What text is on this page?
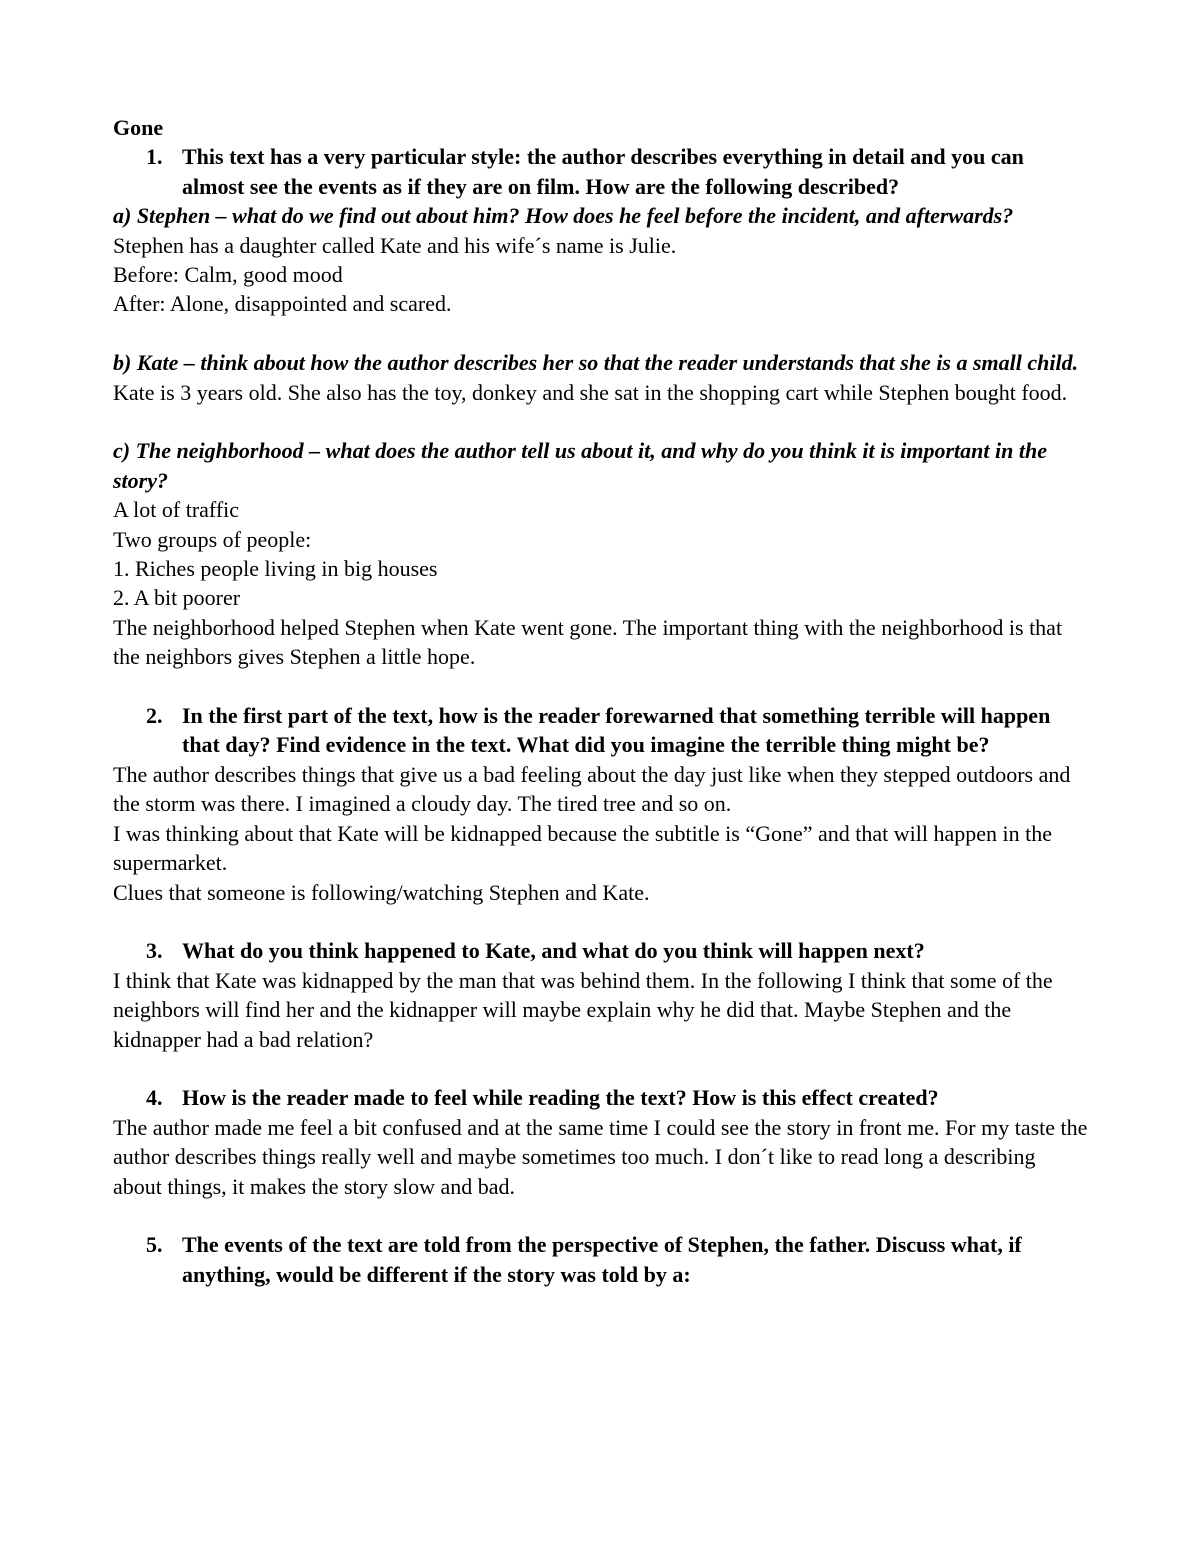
Gone

1. This text has a very particular style: the author describes everything in detail and you can almost see the events as if they are on film. How are the following described?

a) Stephen – what do we find out about him? How does he feel before the incident, and afterwards?

Stephen has a daughter called Kate and his wife´s name is Julie.

Before: Calm, good mood

After: Alone, disappointed and scared.

b) Kate – think about how the author describes her so that the reader understands that she is a small child.

Kate is 3 years old. She also has the toy, donkey and she sat in the shopping cart while Stephen bought food.

c) The neighborhood – what does the author tell us about it, and why do you think it is important in the story?

A lot of traffic

Two groups of people:

1. Riches people living in big houses

2. A bit poorer

The neighborhood helped Stephen when Kate went gone. The important thing with the neighborhood is that the neighbors gives Stephen a little hope.

2. In the first part of the text, how is the reader forewarned that something terrible will happen that day? Find evidence in the text. What did you imagine the terrible thing might be?

The author describes things that give us a bad feeling about the day just like when they stepped outdoors and the storm was there. I imagined a cloudy day. The tired tree and so on.

I was thinking about that Kate will be kidnapped because the subtitle is “Gone” and that will happen in the supermarket.

Clues that someone is following/watching Stephen and Kate.

3. What do you think happened to Kate, and what do you think will happen next?

I think that Kate was kidnapped by the man that was behind them. In the following I think that some of the neighbors will find her and the kidnapper will maybe explain why he did that. Maybe Stephen and the kidnapper had a bad relation?

4. How is the reader made to feel while reading the text? How is this effect created?

The author made me feel a bit confused and at the same time I could see the story in front me. For my taste the author describes things really well and maybe sometimes too much. I don´t like to read long a describing about things, it makes the story slow and bad.

5. The events of the text are told from the perspective of Stephen, the father. Discuss what, if anything, would be different if the story was told by a:
